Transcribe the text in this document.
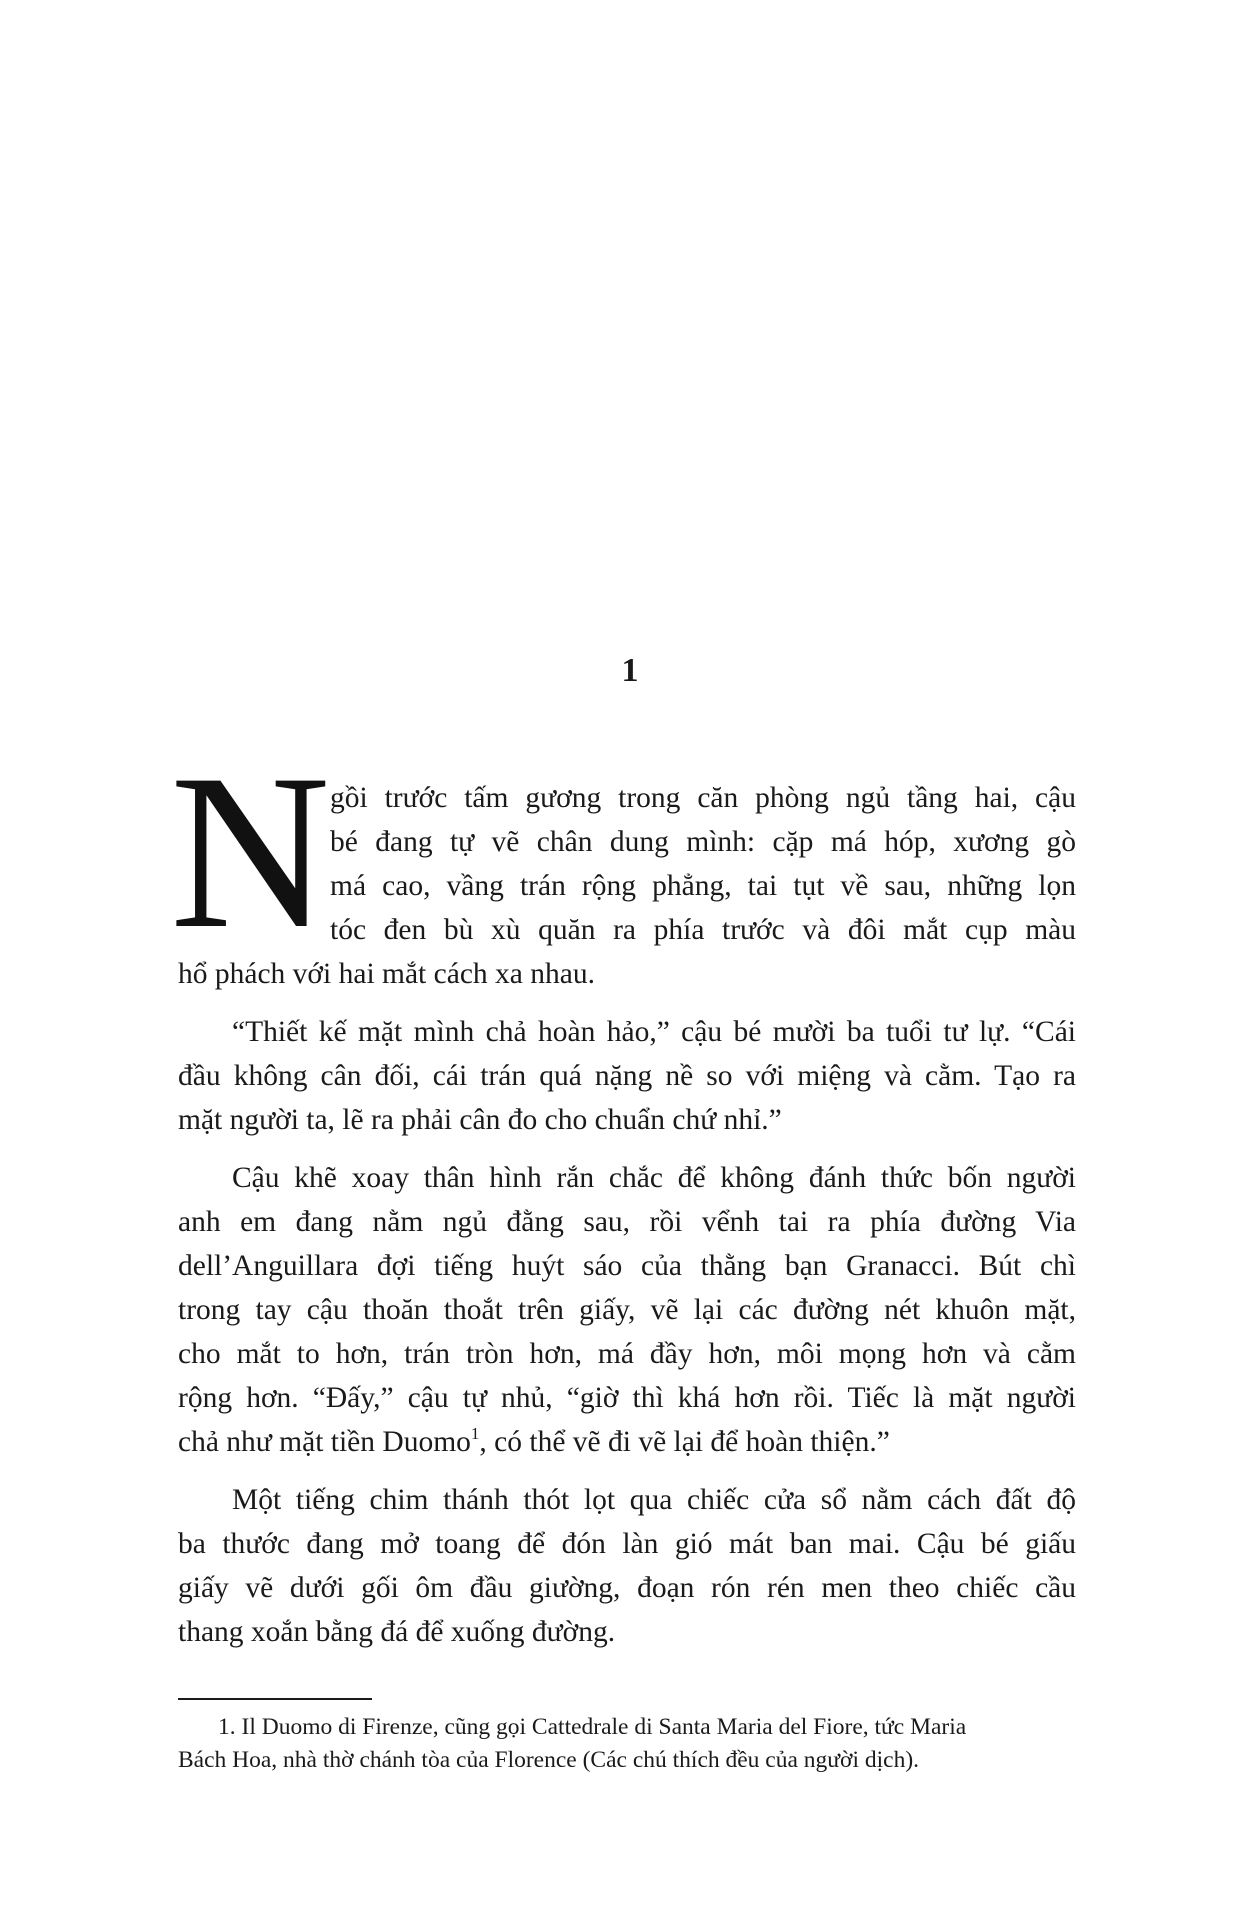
1
N gồi trước tấm gương trong căn phòng ngủ tầng hai, cậu
bé đang tự vẽ chân dung mình: cặp má hóp, xương gò
má cao, vầng trán rộng phẳng, tai tụt về sau, những lọn
tóc đen bù xù quăn ra phía trước và đôi mắt cụp màu
hổ phách với hai mắt cách xa nhau.
“Thiết kế mặt mình chả hoàn hảo,” cậu bé mười ba tuổi tư lự. “Cái
đầu không cân đối, cái trán quá nặng nề so với miệng và cằm. Tạo ra
mặt người ta, lẽ ra phải cân đo cho chuẩn chứ nhỉ.”
Cậu khẽ xoay thân hình rắn chắc để không đánh thức bốn người
anh em đang nằm ngủ đằng sau, rồi vểnh tai ra phía đường Via
dell’Anguillara đợi tiếng huýt sáo của thằng bạn Granacci. Bút chì
trong tay cậu thoăn thoắt trên giấy, vẽ lại các đường nét khuôn mặt,
cho mắt to hơn, trán tròn hơn, má đầy hơn, môi mọng hơn và cằm
rộng hơn. “Đấy,” cậu tự nhủ, “giờ thì khá hơn rồi. Tiếc là mặt người
chả như mặt tiền Duomo$^1$, có thể vẽ đi vẽ lại để hoàn thiện.”
Một tiếng chim thánh thót lọt qua chiếc cửa sổ nằm cách đất độ
ba thước đang mở toang để đón làn gió mát ban mai. Cậu bé giấu
giấy vẽ dưới gối ôm đầu giường, đoạn rón rén men theo chiếc cầu
thang xoắn bằng đá để xuống đường.
1. Il Duomo di Firenze, cũng gọi Cattedrale di Santa Maria del Fiore, tức Maria
Bách Hoa, nhà thờ chánh tòa của Florence (Các chú thích đều của người dịch).
